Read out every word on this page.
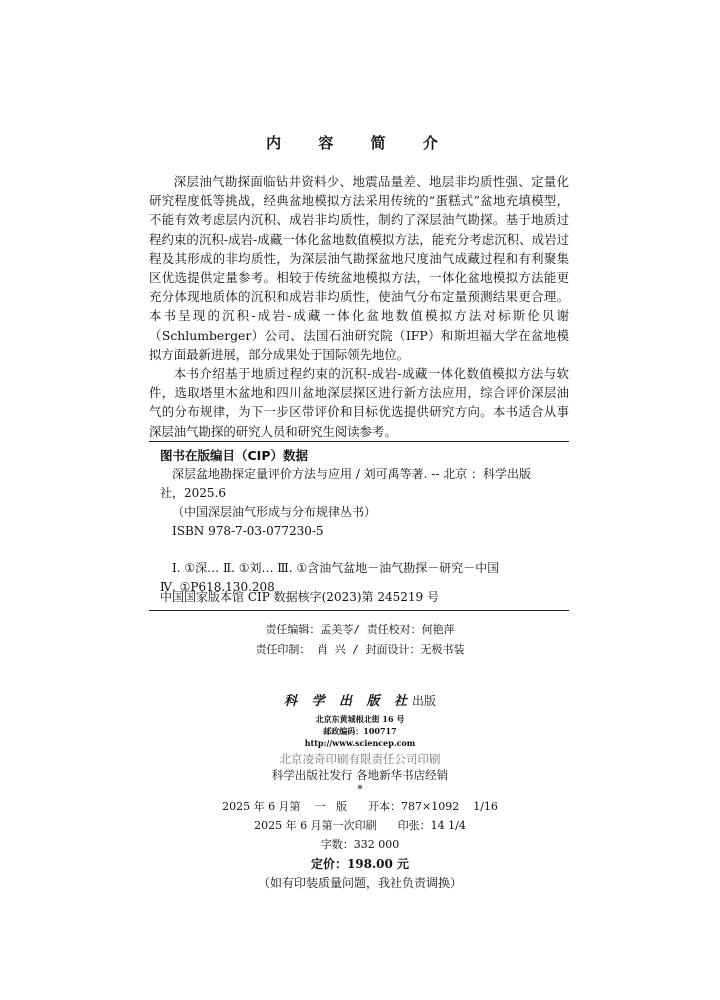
内 容 简 介

深层油气勘探面临钻井资料少、地震品量差、地层非均质性强、定量化研究程度低等挑战，经典盆地模拟方法采用传统的“蛋糕式”盆地充填模型，不能有效考虑层内沉积、成岩非均质性，制约了深层油气勘探。基于地质过程约束的沉积-成岩-成藏一体化盆地数值模拟方法，能充分考虑沉积、成岩过程及其形成的非均质性，为深层油气勘探盆地尺度油气成藏过程和有利聚集区优选提供定量参考。相较于传统盆地模拟方法，一体化盆地模拟方法能更充分体现地质体的沉积和成岩非均质性，使油气分布定量预测结果更合理。本书呈现的沉积-成岩-成藏一体化盆地数值模拟方法对标斯伦贝谢（Schlumberger）公司、法国石油研究院（IFP）和斯坦福大学在盆地模拟方面最新进展，部分成果处于国际领先地位。

本书介绍基于地质过程约束的沉积-成岩-成藏一体化数值模拟方法与软件，选取塔里木盆地和四川盆地深层探区进行新方法应用，综合评价深层油气的分布规律，为下一步区带评价和目标优选提供研究方向。本书适合从事深层油气勘探的研究人员和研究生阅读参考。

图书在版编目（CIP）数据
深层盆地勘探定量评价方法与应用 / 刘可禹等著. -- 北京 ：科学出版
社，2025.6
（中国深层油气形成与分布规律丛书）
ISBN 978-7-03-077230-5
Ⅰ. ①深… Ⅱ. ①刘… Ⅲ. ①含油气盆地－油气勘探－研究－中国
Ⅳ. ①P618.130.208
中国国家版本馆 CIP 数据核字(2023)第 245219 号
责任编辑：孟美苓/ 责任校对：何艳萍
责任印制： 肖 兴 / 封面设计：无极书装
科 学 出 版 社出版
北京东黄城根北街 16 号
邮政编码：100717
http://www.sciencep.com
北京凌奇印刷有限责任公司印刷
科学出版社发行 各地新华书店经销
*
2025 年 6 月第    一   版      开本：787×1092    1/16
2025 年 6 月第一次印刷      印张：14 1/4
字数：332 000
定价：198.00 元
（如有印装质量问题，我社负责调换）
